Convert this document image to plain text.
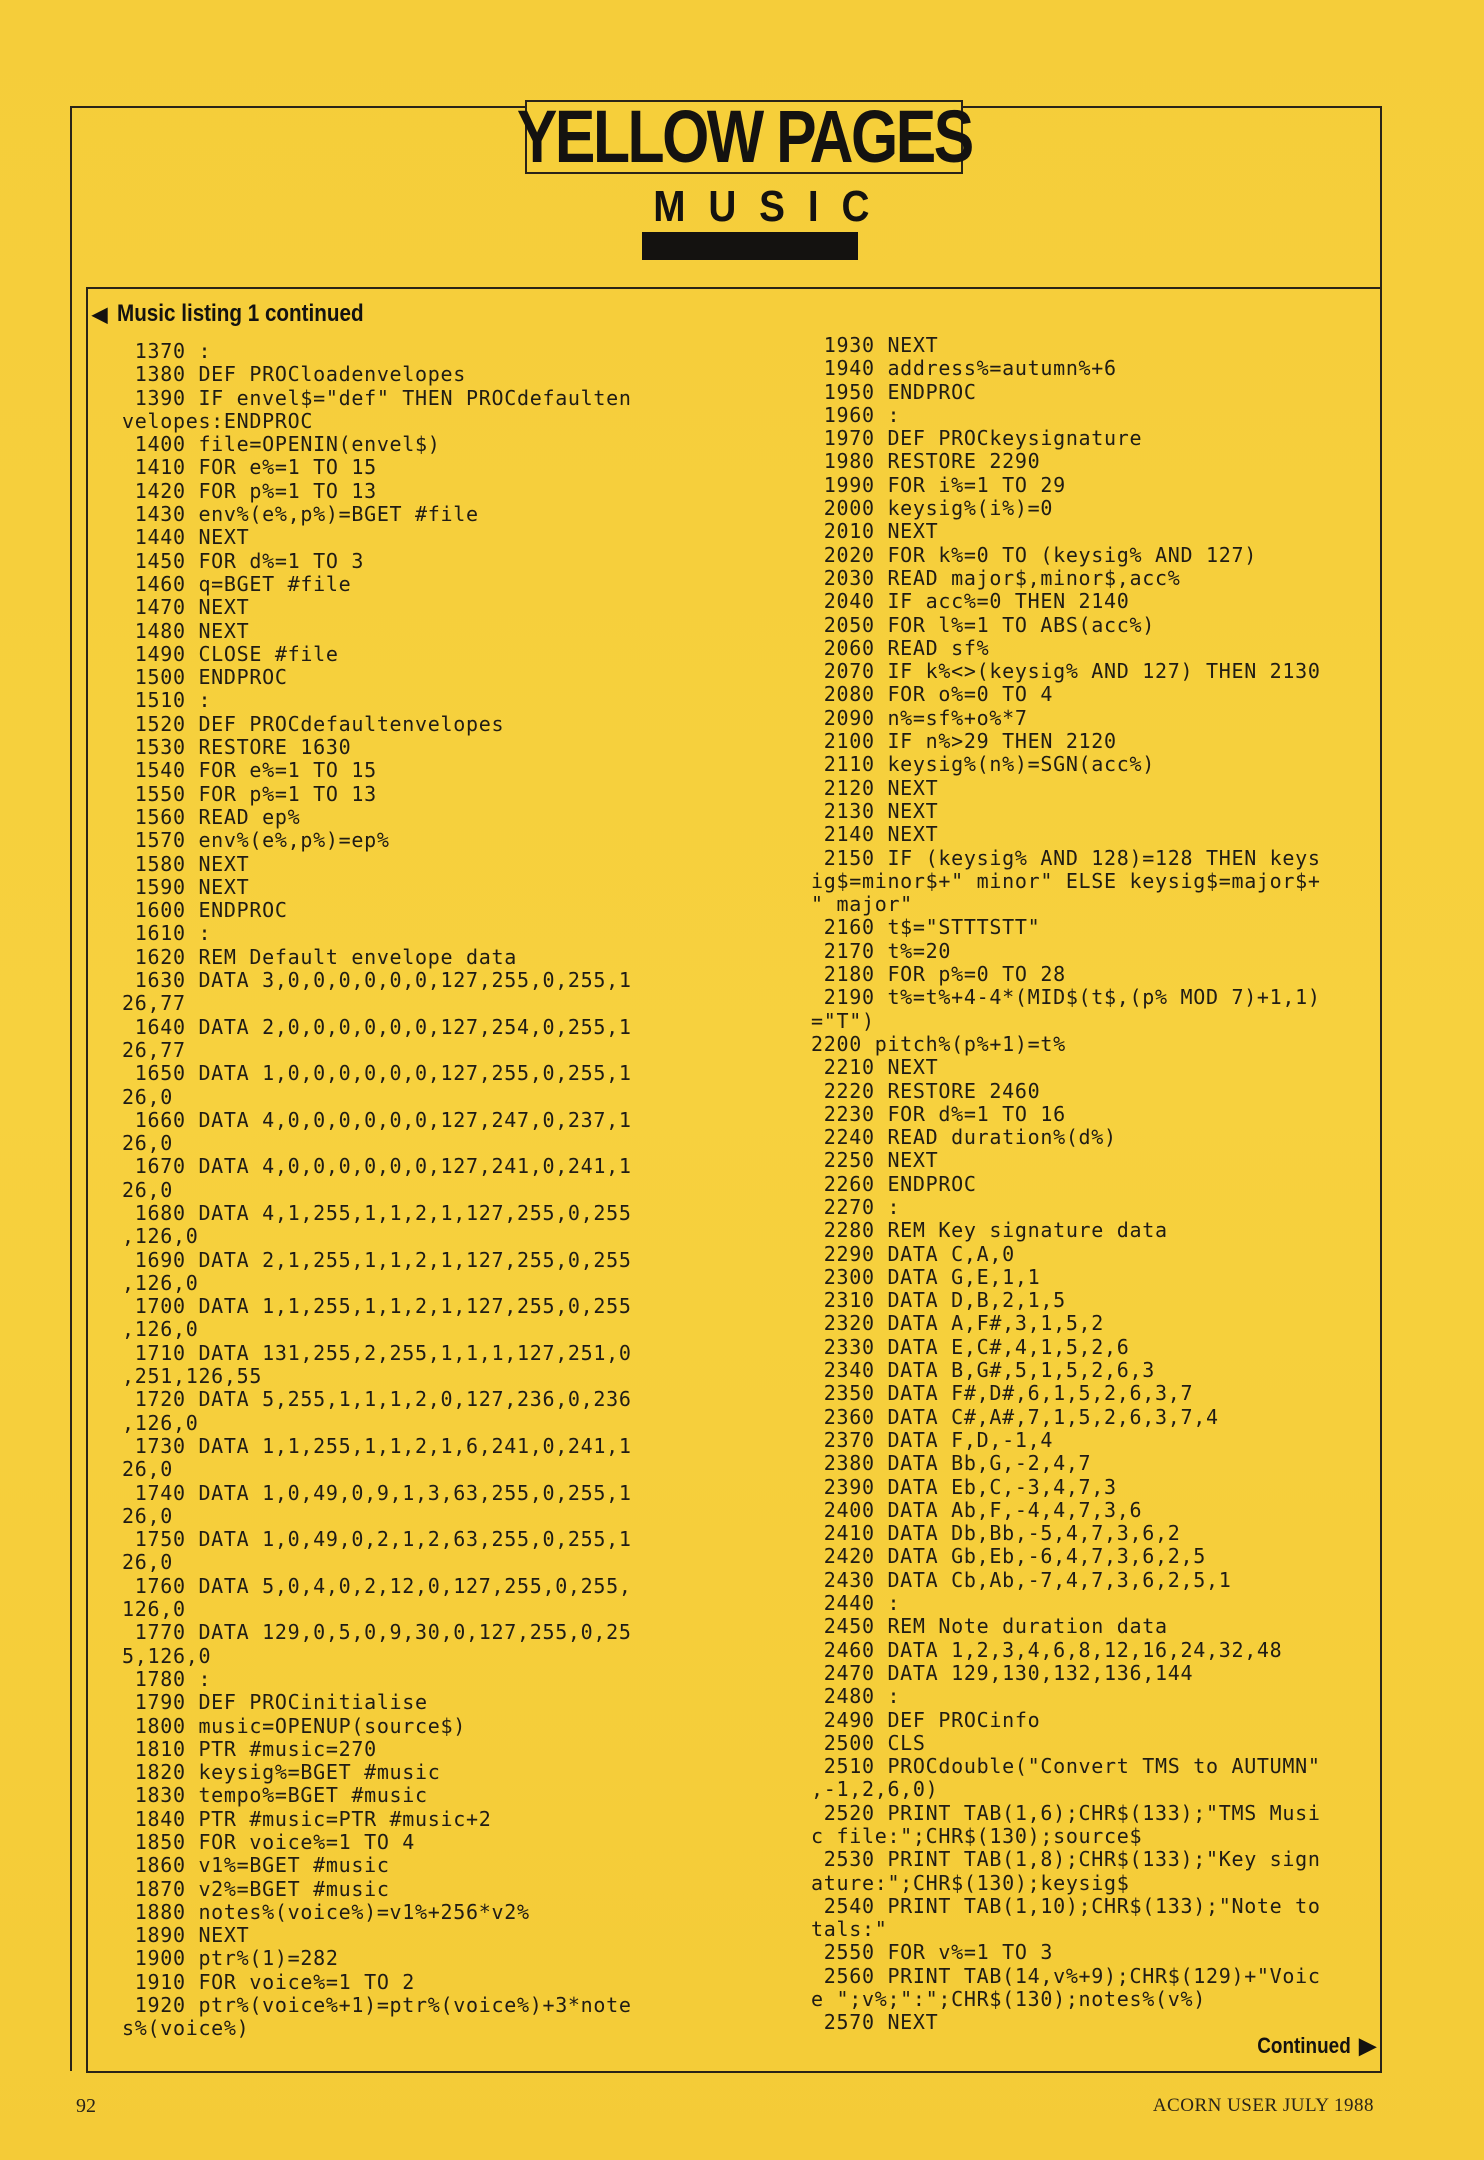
YELLOW PAGES
MUSIC
◀ Music listing 1 continued
1370 :
1380 DEF PROCloadenvelopes
1390 IF envel$="def" THEN PROCdefaulten
velopes:ENDPROC
1400 file=OPENIN(envel$)
1410 FOR e%=1 TO 15
1420 FOR p%=1 TO 13
1430 env%(e%,p%)=BGET #file
1440 NEXT
1450 FOR d%=1 TO 3
1460 q=BGET #file
1470 NEXT
1480 NEXT
1490 CLOSE #file
1500 ENDPROC
1510 :
1520 DEF PROCdefaultenvelopes
1530 RESTORE 1630
1540 FOR e%=1 TO 15
1550 FOR p%=1 TO 13
1560 READ ep%
1570 env%(e%,p%)=ep%
1580 NEXT
1590 NEXT
1600 ENDPROC
1610 :
1620 REM Default envelope data
1630 DATA 3,0,0,0,0,0,0,127,255,0,255,1
26,77
1640 DATA 2,0,0,0,0,0,0,127,254,0,255,1
26,77
1650 DATA 1,0,0,0,0,0,0,127,255,0,255,1
26,0
1660 DATA 4,0,0,0,0,0,0,127,247,0,237,1
26,0
1670 DATA 4,0,0,0,0,0,0,127,241,0,241,1
26,0
1680 DATA 4,1,255,1,1,2,1,127,255,0,255
,126,0
1690 DATA 2,1,255,1,1,2,1,127,255,0,255
,126,0
1700 DATA 1,1,255,1,1,2,1,127,255,0,255
,126,0
1710 DATA 131,255,2,255,1,1,1,127,251,0
,251,126,55
1720 DATA 5,255,1,1,1,2,0,127,236,0,236
,126,0
1730 DATA 1,1,255,1,1,2,1,6,241,0,241,1
26,0
1740 DATA 1,0,49,0,9,1,3,63,255,0,255,1
26,0
1750 DATA 1,0,49,0,2,1,2,63,255,0,255,1
26,0
1760 DATA 5,0,4,0,2,12,0,127,255,0,255,
126,0
1770 DATA 129,0,5,0,9,30,0,127,255,0,25
5,126,0
1780 :
1790 DEF PROCinitialise
1800 music=OPENUP(source$)
1810 PTR #music=270
1820 keysig%=BGET #music
1830 tempo%=BGET #music
1840 PTR #music=PTR #music+2
1850 FOR voice%=1 TO 4
1860 v1%=BGET #music
1870 v2%=BGET #music
1880 notes%(voice%)=v1%+256*v2%
1890 NEXT
1900 ptr%(1)=282
1910 FOR voice%=1 TO 2
1920 ptr%(voice%+1)=ptr%(voice%)+3*note
s%(voice%)
1930 NEXT
1940 address%=autumn%+6
1950 ENDPROC
1960 :
1970 DEF PROCkeysignature
1980 RESTORE 2290
1990 FOR i%=1 TO 29
2000 keysig%(i%)=0
2010 NEXT
2020 FOR k%=0 TO (keysig% AND 127)
2030 READ major$,minor$,acc%
2040 IF acc%=0 THEN 2140
2050 FOR l%=1 TO ABS(acc%)
2060 READ sf%
2070 IF k%<>(keysig% AND 127) THEN 2130
2080 FOR o%=0 TO 4
2090 n%=sf%+o%*7
2100 IF n%>29 THEN 2120
2110 keysig%(n%)=SGN(acc%)
2120 NEXT
2130 NEXT
2140 NEXT
2150 IF (keysig% AND 128)=128 THEN keys
ig$=minor$+" minor" ELSE keysig$=major$+
" major"
2160 t$="STTTSTT"
2170 t%=20
2180 FOR p%=0 TO 28
2190 t%=t%+4-4*(MID$(t$,(p% MOD 7)+1,1)
="T")
2200 pitch%(p%+1)=t%
2210 NEXT
2220 RESTORE 2460
2230 FOR d%=1 TO 16
2240 READ duration%(d%)
2250 NEXT
2260 ENDPROC
2270 :
2280 REM Key signature data
2290 DATA C,A,0
2300 DATA G,E,1,1
2310 DATA D,B,2,1,5
2320 DATA A,F#,3,1,5,2
2330 DATA E,C#,4,1,5,2,6
2340 DATA B,G#,5,1,5,2,6,3
2350 DATA F#,D#,6,1,5,2,6,3,7
2360 DATA C#,A#,7,1,5,2,6,3,7,4
2370 DATA F,D,-1,4
2380 DATA Bb,G,-2,4,7
2390 DATA Eb,C,-3,4,7,3
2400 DATA Ab,F,-4,4,7,3,6
2410 DATA Db,Bb,-5,4,7,3,6,2
2420 DATA Gb,Eb,-6,4,7,3,6,2,5
2430 DATA Cb,Ab,-7,4,7,3,6,2,5,1
2440 :
2450 REM Note duration data
2460 DATA 1,2,3,4,6,8,12,16,24,32,48
2470 DATA 129,130,132,136,144
2480 :
2490 DEF PROCinfo
2500 CLS
2510 PROCdouble("Convert TMS to AUTUMN"
,-1,2,6,0)
2520 PRINT TAB(1,6);CHR$(133);"TMS Musi
c file:";CHR$(130);source$
2530 PRINT TAB(1,8);CHR$(133);"Key sign
ature:";CHR$(130);keysig$
2540 PRINT TAB(1,10);CHR$(133);"Note to
tals:"
2550 FOR v%=1 TO 3
2560 PRINT TAB(14,v%+9);CHR$(129)+"Voic
e ";v%;":";CHR$(130);notes%(v%)
2570 NEXT
Continued ▶
92	ACORN USER JULY 1988
